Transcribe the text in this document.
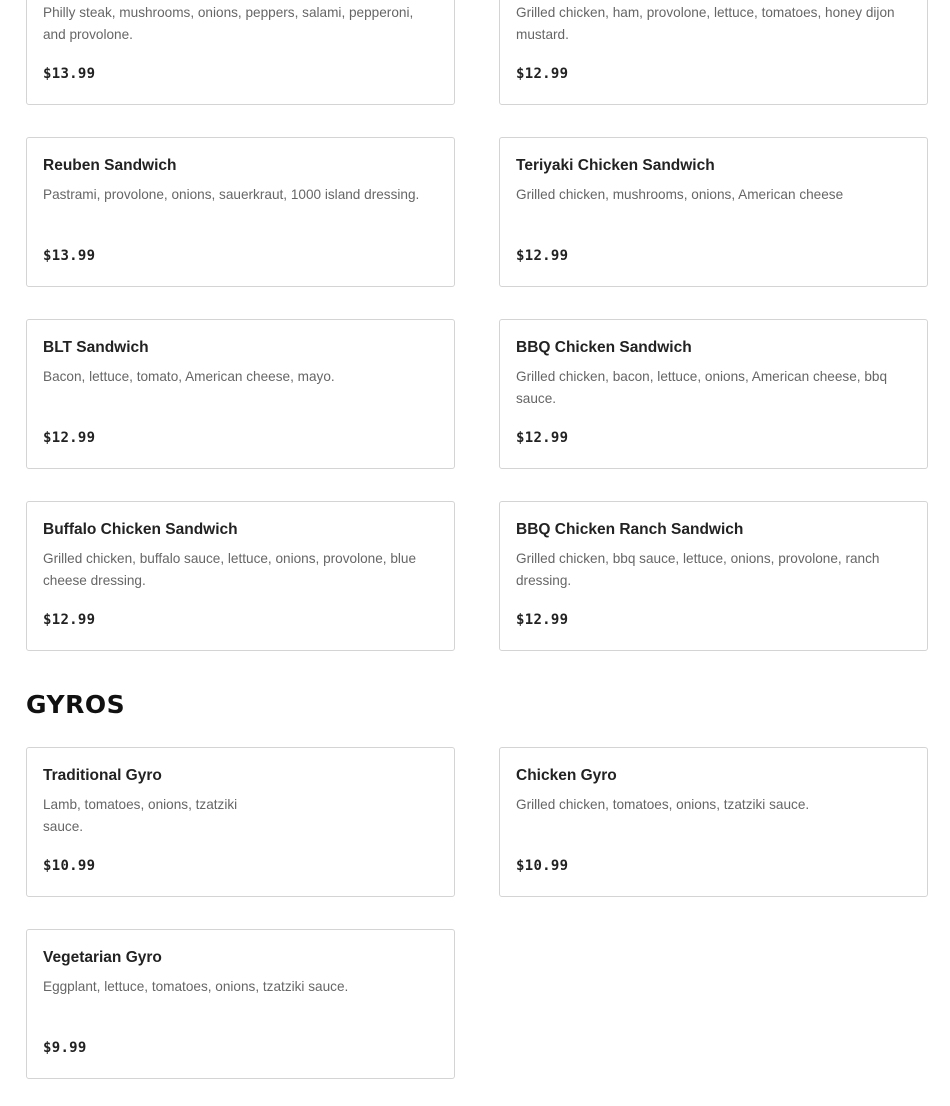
Philly steak, mushrooms, onions, peppers, salami, pepperoni, and provolone.
$13.99
Grilled chicken, ham, provolone, lettuce, tomatoes, honey dijon mustard.
$12.99
Reuben Sandwich
Pastrami, provolone, onions, sauerkraut, 1000 island dressing.
$13.99
Teriyaki Chicken Sandwich
Grilled chicken, mushrooms, onions, American cheese
$12.99
BLT Sandwich
Bacon, lettuce, tomato, American cheese, mayo.
$12.99
BBQ Chicken Sandwich
Grilled chicken, bacon, lettuce, onions, American cheese, bbq sauce.
$12.99
Buffalo Chicken Sandwich
Grilled chicken, buffalo sauce, lettuce, onions, provolone, blue cheese dressing.
$12.99
BBQ Chicken Ranch Sandwich
Grilled chicken, bbq sauce, lettuce, onions, provolone, ranch dressing.
$12.99
GYROS
Traditional Gyro
Lamb, tomatoes, onions, tzatziki sauce.
$10.99
Chicken Gyro
Grilled chicken, tomatoes, onions, tzatziki sauce.
$10.99
Vegetarian Gyro
Eggplant, lettuce, tomatoes, onions, tzatziki sauce.
$9.99
